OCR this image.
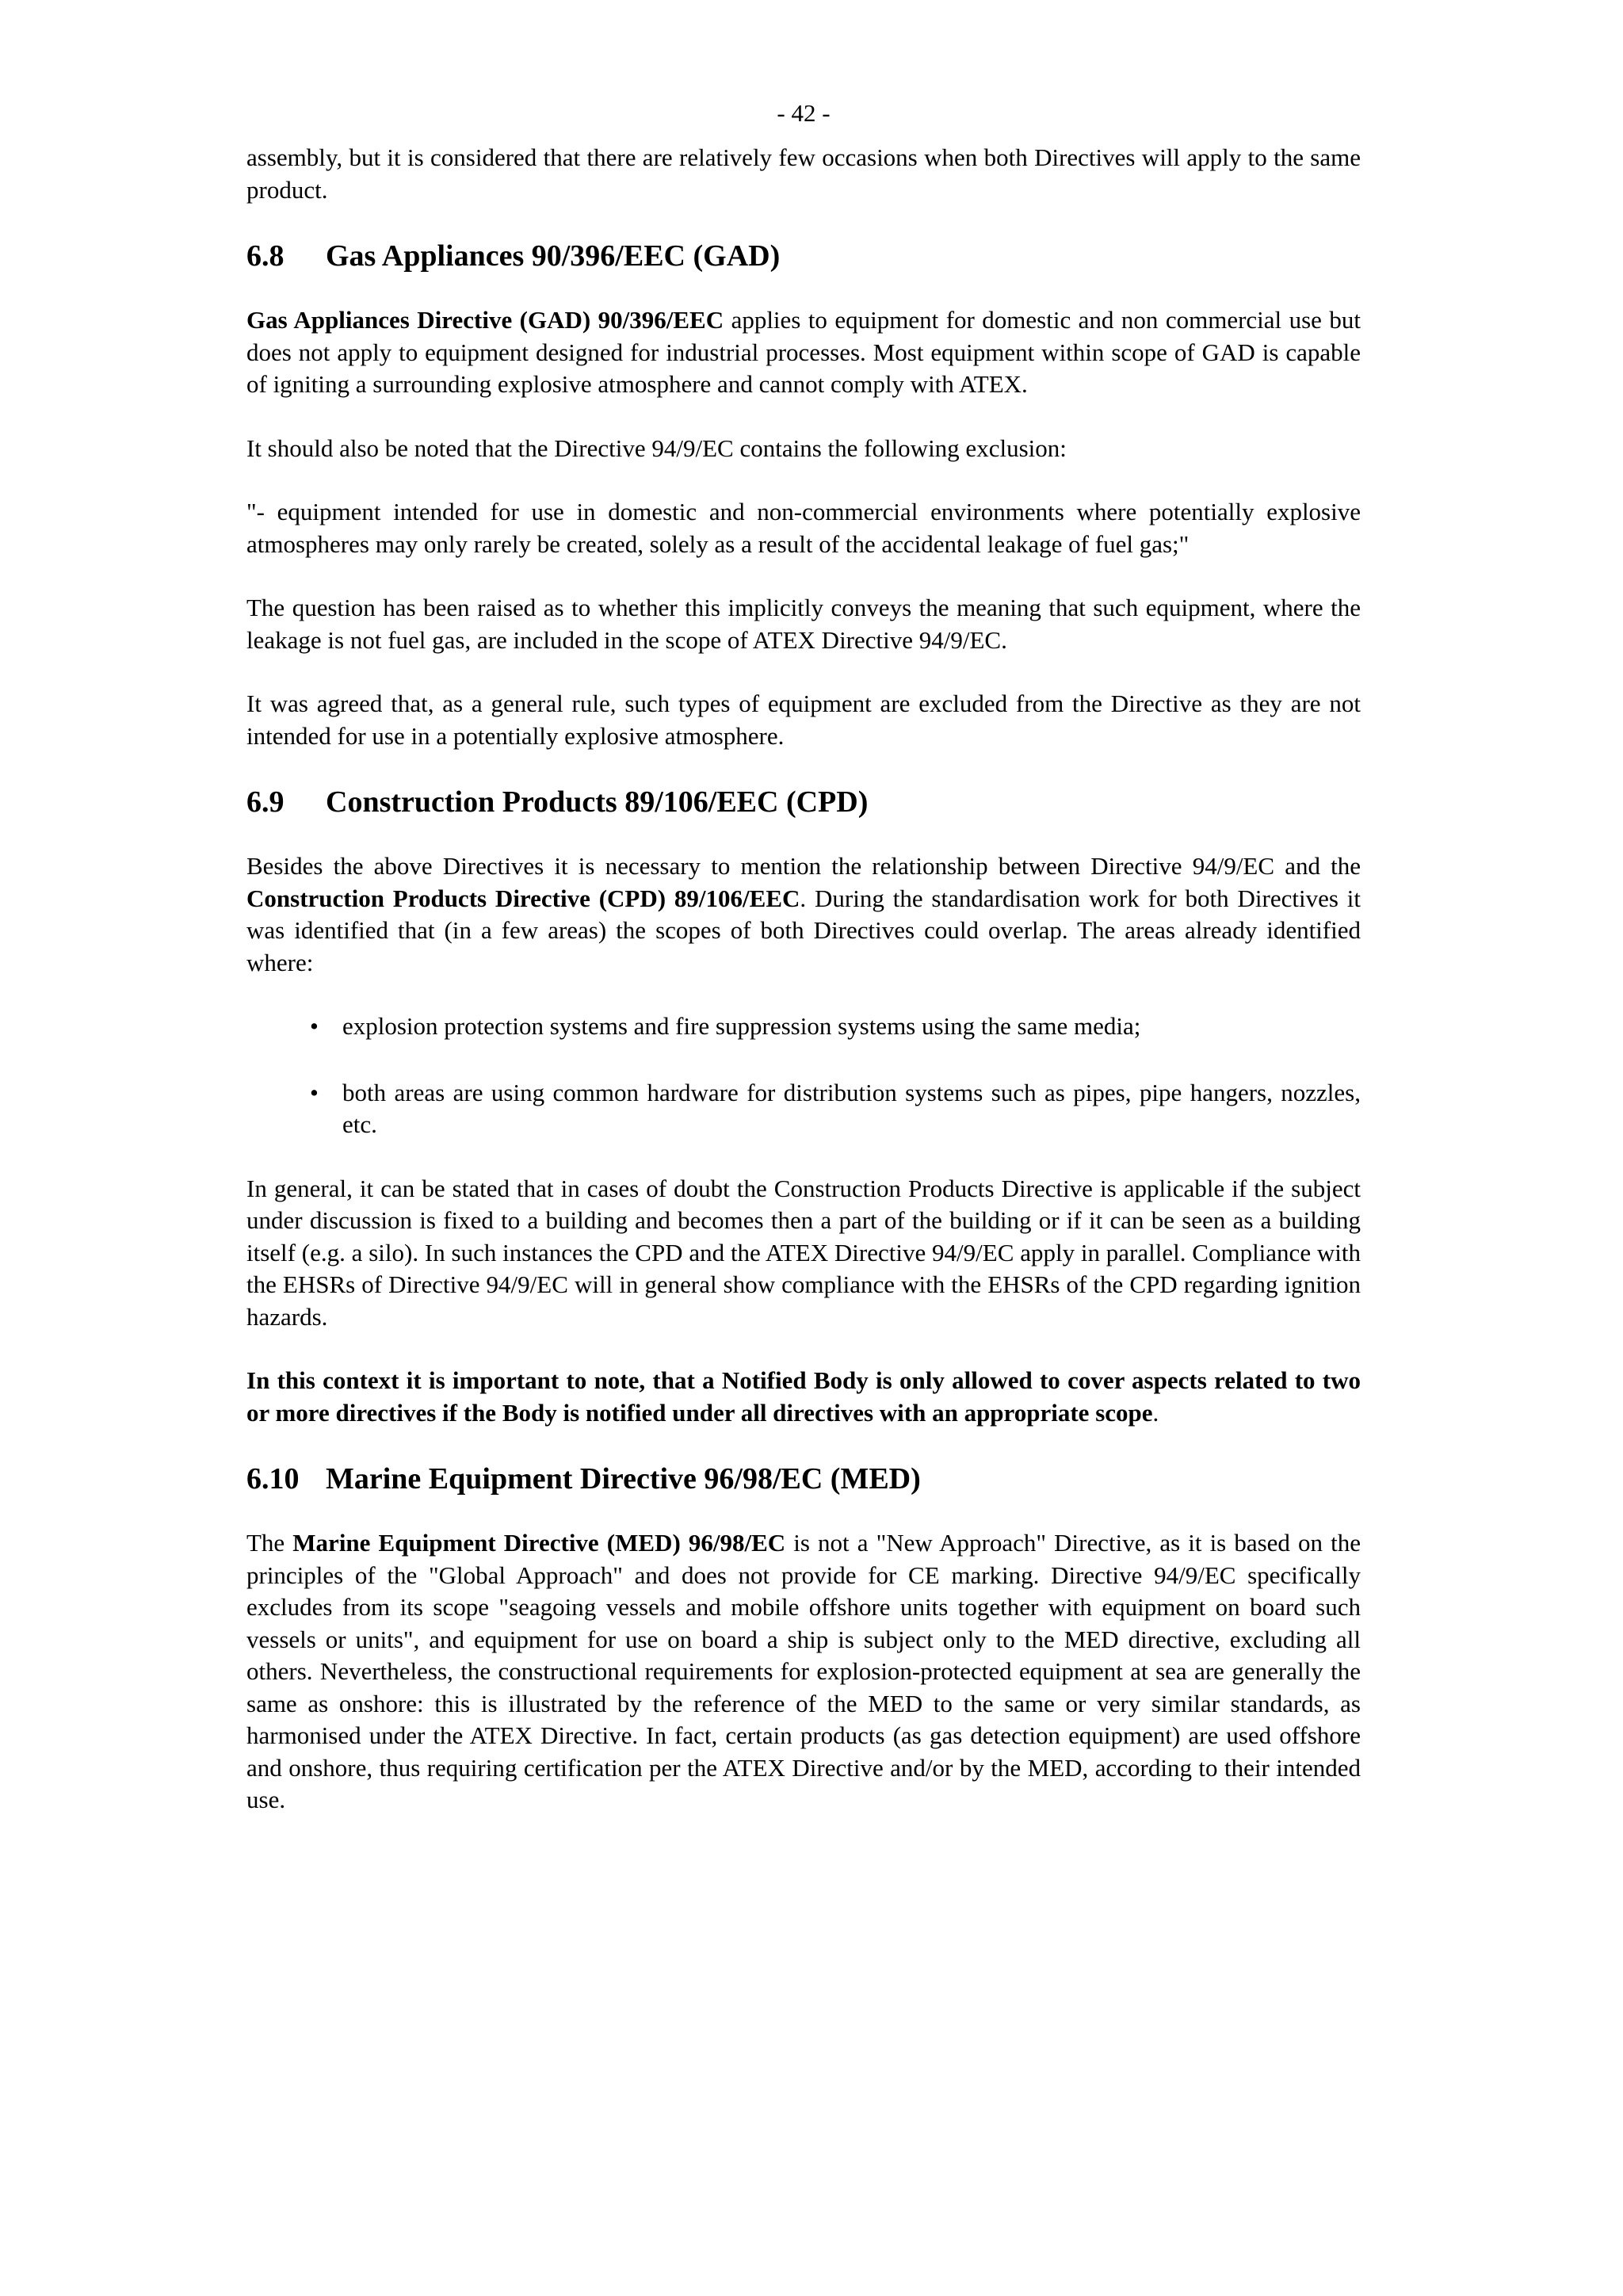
- 42 -

assembly, but it is considered that there are relatively few occasions when both Directives will apply to the same product.

6.8 Gas Appliances 90/396/EEC (GAD)

Gas Appliances Directive (GAD) 90/396/EEC applies to equipment for domestic and non commercial use but does not apply to equipment designed for industrial processes. Most equipment within scope of GAD is capable of igniting a surrounding explosive atmosphere and cannot comply with ATEX.

It should also be noted that the Directive 94/9/EC contains the following exclusion:

"- equipment intended for use in domestic and non-commercial environments where potentially explosive atmospheres may only rarely be created, solely as a result of the accidental leakage of fuel gas;"

The question has been raised as to whether this implicitly conveys the meaning that such equipment, where the leakage is not fuel gas, are included in the scope of ATEX Directive 94/9/EC.

It was agreed that, as a general rule, such types of equipment are excluded from the Directive as they are not intended for use in a potentially explosive atmosphere.

6.9 Construction Products 89/106/EEC (CPD)

Besides the above Directives it is necessary to mention the relationship between Directive 94/9/EC and the Construction Products Directive (CPD) 89/106/EEC. During the standardisation work for both Directives it was identified that (in a few areas) the scopes of both Directives could overlap. The areas already identified where:

• explosion protection systems and fire suppression systems using the same media;
• both areas are using common hardware for distribution systems such as pipes, pipe hangers, nozzles, etc.

In general, it can be stated that in cases of doubt the Construction Products Directive is applicable if the subject under discussion is fixed to a building and becomes then a part of the building or if it can be seen as a building itself (e.g. a silo). In such instances the CPD and the ATEX Directive 94/9/EC apply in parallel. Compliance with the EHSRs of Directive 94/9/EC will in general show compliance with the EHSRs of the CPD regarding ignition hazards.

In this context it is important to note, that a Notified Body is only allowed to cover aspects related to two or more directives if the Body is notified under all directives with an appropriate scope.

6.10 Marine Equipment Directive 96/98/EC (MED)

The Marine Equipment Directive (MED) 96/98/EC is not a "New Approach" Directive, as it is based on the principles of the "Global Approach" and does not provide for CE marking. Directive 94/9/EC specifically excludes from its scope "seagoing vessels and mobile offshore units together with equipment on board such vessels or units", and equipment for use on board a ship is subject only to the MED directive, excluding all others. Nevertheless, the constructional requirements for explosion-protected equipment at sea are generally the same as onshore: this is illustrated by the reference of the MED to the same or very similar standards, as harmonised under the ATEX Directive. In fact, certain products (as gas detection equipment) are used offshore and onshore, thus requiring certification per the ATEX Directive and/or by the MED, according to their intended use.
